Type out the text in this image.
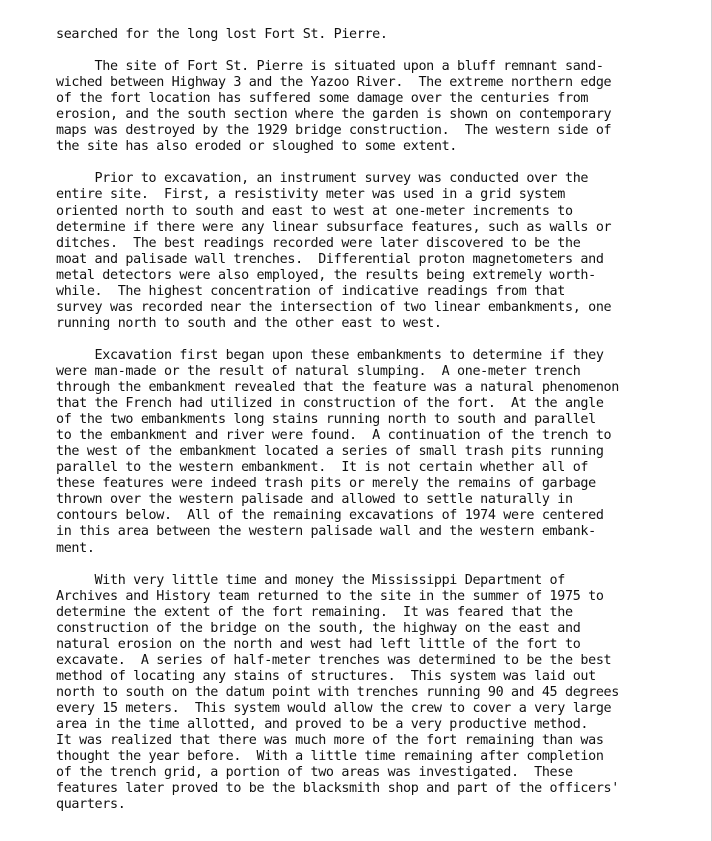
searched for the long lost Fort St. Pierre.
The site of Fort St. Pierre is situated upon a bluff remnant sand-
wiched between Highway 3 and the Yazoo River.  The extreme northern edge
of the fort location has suffered some damage over the centuries from
erosion, and the south section where the garden is shown on contemporary
maps was destroyed by the 1929 bridge construction.  The western side of
the site has also eroded or sloughed to some extent.
Prior to excavation, an instrument survey was conducted over the
entire site.  First, a resistivity meter was used in a grid system
oriented north to south and east to west at one-meter increments to
determine if there were any linear subsurface features, such as walls or
ditches.  The best readings recorded were later discovered to be the
moat and palisade wall trenches.  Differential proton magnetometers and
metal detectors were also employed, the results being extremely worth-
while.  The highest concentration of indicative readings from that
survey was recorded near the intersection of two linear embankments, one
running north to south and the other east to west.
Excavation first began upon these embankments to determine if they
were man-made or the result of natural slumping.  A one-meter trench
through the embankment revealed that the feature was a natural phenomenon
that the French had utilized in construction of the fort.  At the angle
of the two embankments long stains running north to south and parallel
to the embankment and river were found.  A continuation of the trench to
the west of the embankment located a series of small trash pits running
parallel to the western embankment.  It is not certain whether all of
these features were indeed trash pits or merely the remains of garbage
thrown over the western palisade and allowed to settle naturally in
contours below.  All of the remaining excavations of 1974 were centered
in this area between the western palisade wall and the western embank-
ment.
With very little time and money the Mississippi Department of
Archives and History team returned to the site in the summer of 1975 to
determine the extent of the fort remaining.  It was feared that the
construction of the bridge on the south, the highway on the east and
natural erosion on the north and west had left little of the fort to
excavate.  A series of half-meter trenches was determined to be the best
method of locating any stains of structures.  This system was laid out
north to south on the datum point with trenches running 90 and 45 degrees
every 15 meters.  This system would allow the crew to cover a very large
area in the time allotted, and proved to be a very productive method.
It was realized that there was much more of the fort remaining than was
thought the year before.  With a little time remaining after completion
of the trench grid, a portion of two areas was investigated.  These
features later proved to be the blacksmith shop and part of the officers'
quarters.
